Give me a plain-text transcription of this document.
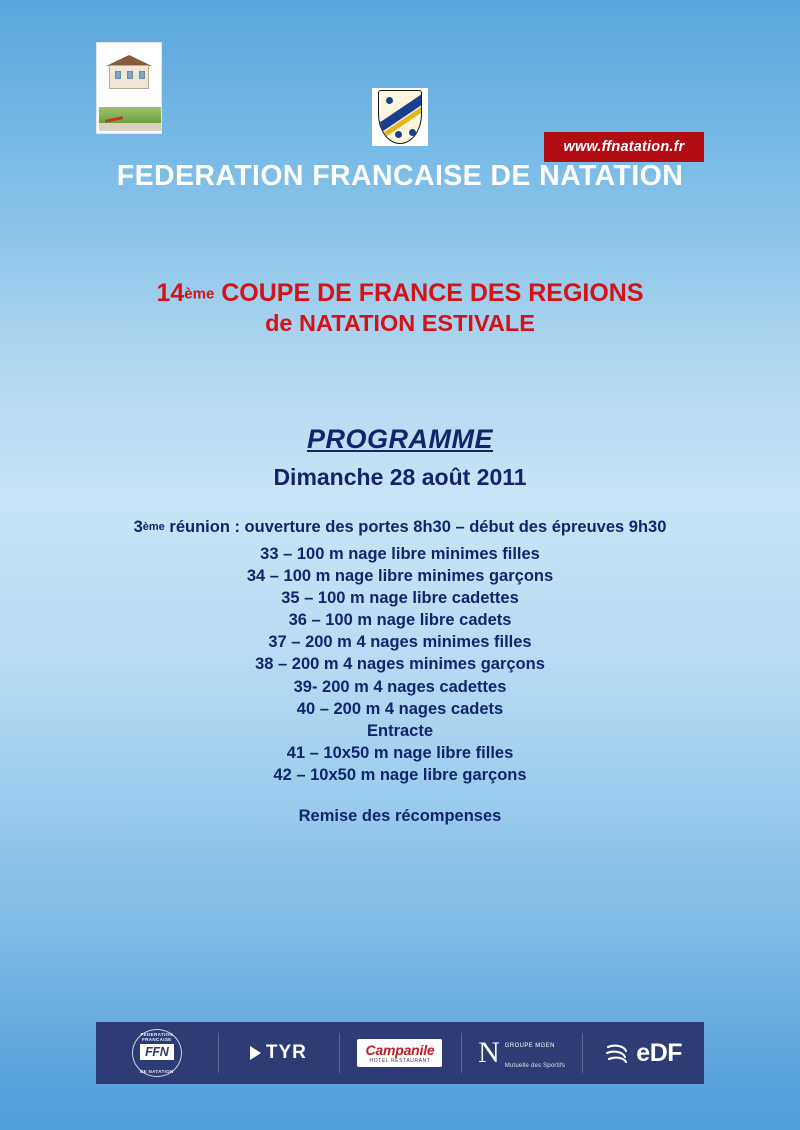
www.ffnatation.fr
FEDERATION FRANCAISE DE NATATION
14ème COUPE DE FRANCE DES REGIONS
de NATATION ESTIVALE
PROGRAMME
Dimanche 28 août 2011
3ème réunion : ouverture des portes 8h30 – début des épreuves 9h30
33 – 100 m nage libre minimes filles
34 – 100 m nage libre minimes garçons
35 – 100 m nage libre cadettes
36 – 100 m nage libre cadets
37 – 200 m 4 nages minimes filles
38 – 200 m 4 nages minimes garçons
39- 200 m 4 nages cadettes
40 – 200 m 4 nages cadets
Entracte
41 – 10x50 m nage libre filles
42 – 10x50 m nage libre garçons
Remise des récompenses
FEDERATION FRANCAISE
FFN
DE NATATION
TYR	Campanile
HOTEL RESTAURANT N GROUPE MGEN
Mutuelle des Sportifs	eDF
